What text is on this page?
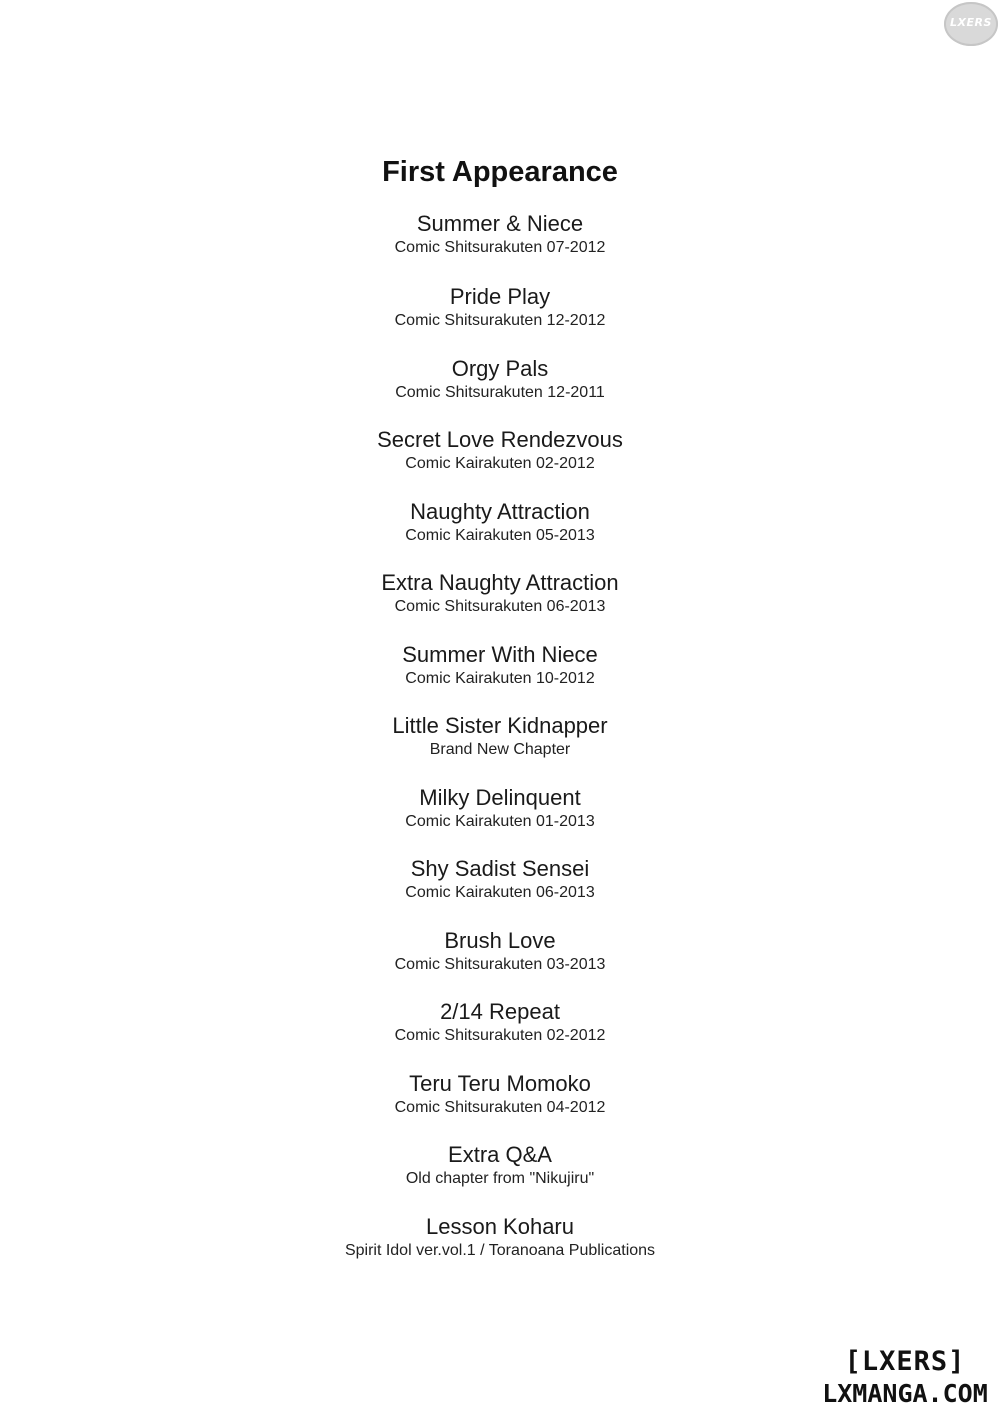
LXERS
First Appearance
Summer & Niece
Comic Shitsurakuten 07-2012
Pride Play
Comic Shitsurakuten 12-2012
Orgy Pals
Comic Shitsurakuten 12-2011
Secret Love Rendezvous
Comic Kairakuten 02-2012
Naughty Attraction
Comic Kairakuten 05-2013
Extra Naughty Attraction
Comic Shitsurakuten 06-2013
Summer With Niece
Comic Kairakuten 10-2012
Little Sister Kidnapper
Brand New Chapter
Milky Delinquent
Comic Kairakuten 01-2013
Shy Sadist Sensei
Comic Kairakuten 06-2013
Brush Love
Comic Shitsurakuten 03-2013
2/14 Repeat
Comic Shitsurakuten 02-2012
Teru Teru Momoko
Comic Shitsurakuten 04-2012
Extra Q&A
Old chapter from "Nikujiru"
Lesson Koharu
Spirit Idol ver.vol.1 / Toranoana Publications
[LXERS]
LXMANGA.COM
